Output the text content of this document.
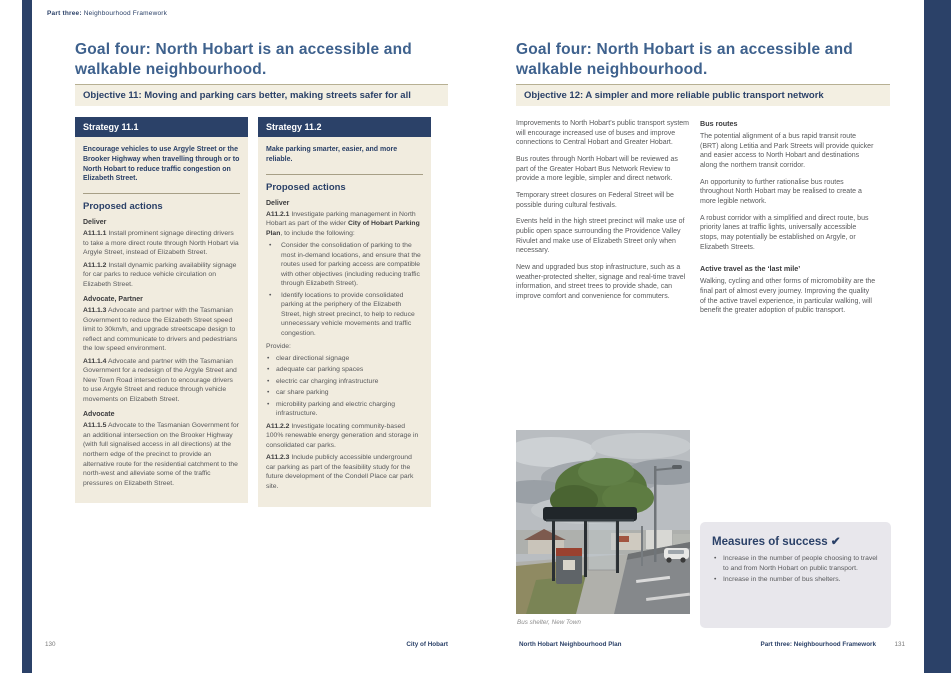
Part three: Neighbourhood Framework
Goal four: North Hobart is an accessible and walkable neighbourhood.
Objective 11: Moving and parking cars better, making streets safer for all
Strategy 11.1
Encourage vehicles to use Argyle Street or the Brooker Highway when travelling through or to North Hobart to reduce traffic congestion on Elizabeth Street.
Proposed actions
Deliver

A11.1.1 Install prominent signage directing drivers to take a more direct route through North Hobart via Argyle Street, instead of Elizabeth Street.

A11.1.2 Install dynamic parking availability signage for car parks to reduce vehicle circulation on Elizabeth Street.

Advocate, Partner

A11.1.3 Advocate and partner with the Tasmanian Government to reduce the Elizabeth Street speed limit to 30km/h, and upgrade streetscape design to reflect and communicate to drivers and pedestrians the low speed environment.

A11.1.4 Advocate and partner with the Tasmanian Government for a redesign of the Argyle Street and New Town Road intersection to encourage drivers to use Argyle Street and reduce through vehicle movements on Elizabeth Street.

Advocate

A11.1.5 Advocate to the Tasmanian Government for an additional intersection on the Brooker Highway (with full signalised access in all directions) at the northern edge of the precinct to provide an alternative route for the residential catchment to the north-west and alleviate some of the traffic pressures on Elizabeth Street.

Strategy 11.2
Make parking smarter, easier, and more reliable.
Proposed actions
Deliver

A11.2.1 Investigate parking management in North Hobart as part of the wider City of Hobart Parking Plan, to include the following:

•	Consider the consolidation of parking to the most in-demand locations, and ensure that the routes used for parking access are compatible with other objectives (including reducing traffic through Elizabeth Street).
•	Identify locations to provide consolidated parking at the periphery of the Elizabeth Street, high street precinct, to help to reduce unnecessary vehicle movements and traffic congestion.

Provide:

• clear directional signage
• adequate car parking spaces
• electric car charging infrastructure
• car share parking
• microbility parking and electric charging infrastructure.

A11.2.2 Investigate locating community-based 100% renewable energy generation and storage in consolidated car parks.

A11.2.3 Include publicly accessible underground car parking as part of the feasibility study for the future development of the Condell Place car park site.

130	City of Hobart
Goal four: North Hobart is an accessible and walkable neighbourhood.
Objective 12: A simpler and more reliable public transport network

Improvements to North Hobart’s public transport system will encourage increased use of buses and improve connections to Central Hobart and Greater Hobart.

Bus routes through North Hobart will be reviewed as part of the Greater Hobart Bus Network Review to provide a more legible, simpler and direct network.

Temporary street closures on Federal Street will be possible during cultural festivals.

Events held in the high street precinct will make use of public open space surrounding the Providence Valley Rivulet and make use of Elizabeth Street only when necessary.

New and upgraded bus stop infrastructure, such as a weather-protected shelter, signage and real-time travel information, and street trees to provide shade, can improve comfort and convenience for commuters.

Bus routes

The potential alignment of a bus rapid transit route (BRT) along Letitia and Park Streets will provide quicker and easier access to North Hobart and destinations along the northern transit corridor.

An opportunity to further rationalise bus routes throughout North Hobart may be realised to create a more legible network.

A robust corridor with a simplified and direct route, bus priority lanes at traffic lights, universally accessible stops, may potentially be established on Argyle, or Elizabeth Streets.

Active travel as the ‘last mile’

Walking, cycling and other forms of micromobility are the final part of almost every journey. Improving the quality of the active travel experience, in particular walking, will benefit the greater adoption of public transport.

Bus shelter, New Town
Measures of success ✔
• Increase in the number of people choosing to travel to and from North Hobart on public transport.
• Increase in the number of bus shelters.
North Hobart Neighbourhood Plan	Part three: Neighbourhood Framework	131
